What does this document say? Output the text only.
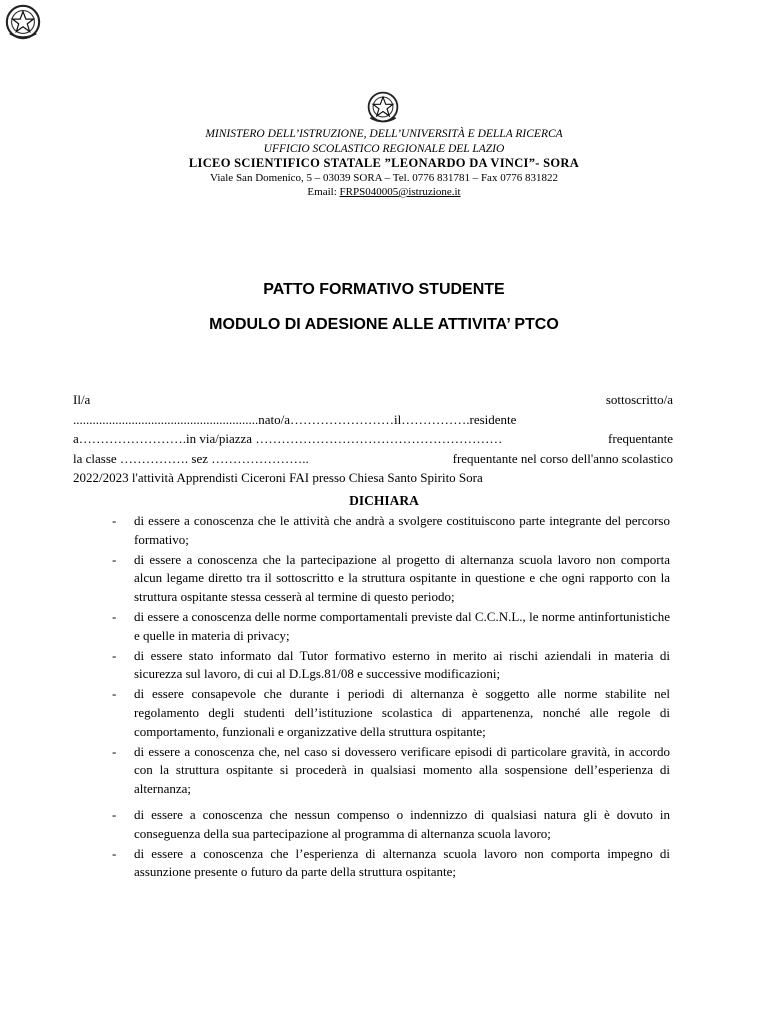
MINISTERO DELL’ISTRUZIONE, DELL’UNIVERSITÀ E DELLA RICERCA
UFFICIO SCOLASTICO REGIONALE DEL LAZIO
LICEO SCIENTIFICO STATALE ”LEONARDO DA VINCI”- SORA
Viale San Domenico, 5 – 03039 SORA – Tel. 0776 831781 – Fax 0776 831822
Email: FRPS040005@istruzione.it
PATTO FORMATIVO STUDENTE
MODULO DI ADESIONE ALLE ATTIVITA’ PTCO
Il/a	sottoscritto/a
.........................................................nato/a……………………il…………….residente
a…………………….in via/piazza …………………………………………………	frequentante
la classe ……………. sez …………………..	frequentante nel corso dell'anno scolastico
2022/2023 l'attività Apprendisti Ciceroni FAI presso Chiesa Santo Spirito Sora
DICHIARA
- di essere a conoscenza che le attività che andrà a svolgere costituiscono parte integrante del percorso formativo;
- di essere a conoscenza che la partecipazione al progetto di alternanza scuola lavoro non comporta alcun legame diretto tra il sottoscritto e la struttura ospitante in questione e che ogni rapporto con la struttura ospitante stessa cesserà al termine di questo periodo;
- di essere a conoscenza delle norme comportamentali previste dal C.C.N.L., le norme antinfortunistiche e quelle in materia di privacy;
- di essere stato informato dal Tutor formativo esterno in merito ai rischi aziendali in materia di sicurezza sul lavoro, di cui al D.Lgs.81/08 e successive modificazioni;
- di essere consapevole che durante i periodi di alternanza è soggetto alle norme stabilite nel regolamento degli studenti dell’istituzione scolastica di appartenenza, nonché alle regole di comportamento, funzionali e organizzative della struttura ospitante;
- di essere a conoscenza che, nel caso si dovessero verificare episodi di particolare gravità, in accordo con la struttura ospitante si procederà in qualsiasi momento alla sospensione dell’esperienza di alternanza;
- di essere a conoscenza che nessun compenso o indennizzo di qualsiasi natura gli è dovuto in conseguenza della sua partecipazione al programma di alternanza scuola lavoro;
- di essere a conoscenza che l’esperienza di alternanza scuola lavoro non comporta impegno di assunzione presente o futuro da parte della struttura ospitante;
